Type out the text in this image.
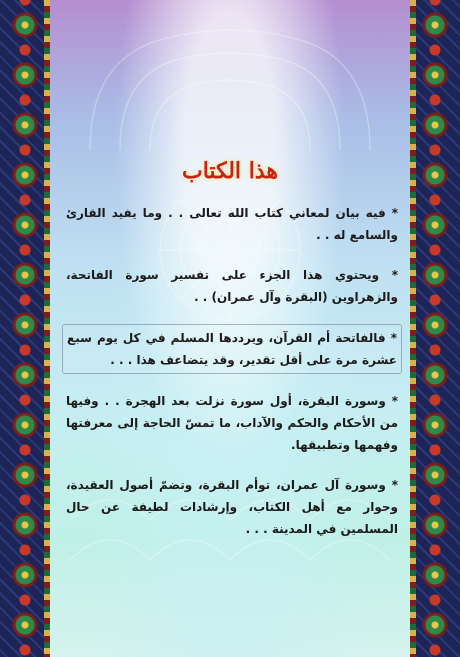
هذا الكتاب

* فيه بيان لمعاني كتاب الله تعالى . . وما يفيد القارئ والسامع له . .

* ويحتوي هذا الجزء على تفسير سورة الفاتحة، والزهراوين (البقرة وآل عمران) . .

* فالفاتحة أم القرآن، ويرددها المسلم في كل يوم سبع عشرة مرة على أقل تقدير، وقد يتضاعف هذا . . .

* وسورة البقرة، أول سورة نزلت بعد الهجرة . . وفيها من الأحكام والحكم والآداب، ما تمسّ الحاجة إلى معرفتها وفهمها وتطبيقها.

* وسورة آل عمران، توأم البقرة، وتضمّ أصول العقيدة، وحوار مع أهل الكتاب، وإرشادات لطيفة عن حال المسلمين في المدينة . . .
